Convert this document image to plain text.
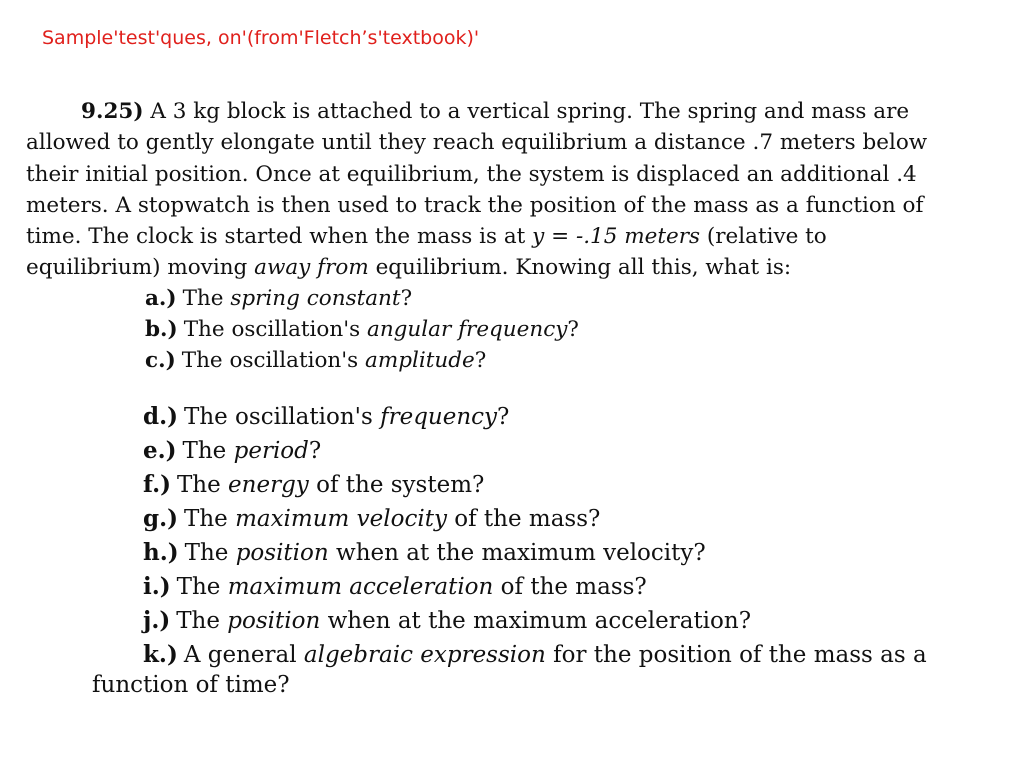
Sample'test'ques, on'(from'Fletch’s'textbook)'
9.25) A 3 kg block is attached to a vertical spring. The spring and mass are
allowed to gently elongate until they reach equilibrium a distance .7 meters below
their initial position. Once at equilibrium, the system is displaced an additional .4
meters. A stopwatch is then used to track the position of the mass as a function of
time. The clock is started when the mass is at y = -.15 meters (relative to
equilibrium) moving away from equilibrium. Knowing all this, what is:
a.) The spring constant?
b.) The oscillation's angular frequency?
c.) The oscillation's amplitude?
d.) The oscillation's frequency?
e.) The period?
f.) The energy of the system?
g.) The maximum velocity of the mass?
h.) The position when at the maximum velocity?
i.) The maximum acceleration of the mass?
j.) The position when at the maximum acceleration?
k.) A general algebraic expression for the position of the mass as a
function of time?
